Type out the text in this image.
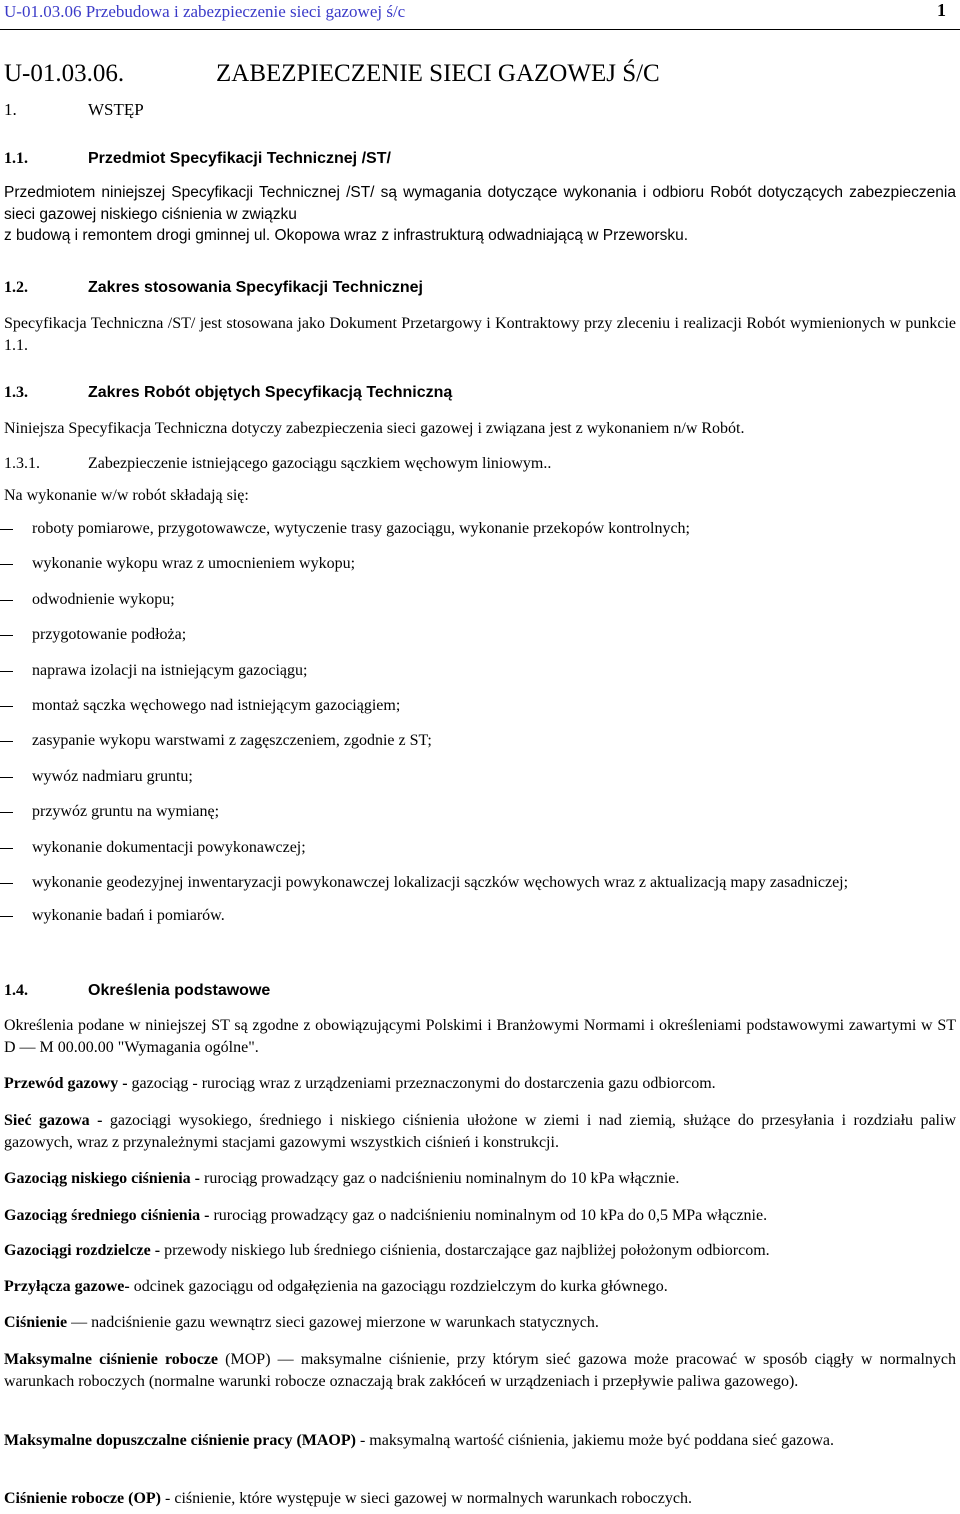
U-01.03.06 Przebudowa i zabezpieczenie sieci gazowej ś/c	1
U-01.03.06.	ZABEZPIECZENIE SIECI GAZOWEJ Ś/C
1.	WSTĘP
1.1.	Przedmiot Specyfikacji Technicznej /ST/

Przedmiotem niniejszej Specyfikacji Technicznej /ST/ są wymagania dotyczące wykonania i odbioru Robót dotyczących zabezpieczenia sieci gazowej niskiego ciśnienia w związku
z budową i remontem drogi gminnej ul. Okopowa wraz z infrastrukturą odwadniającą w Przeworsku.

1.2.	Zakres stosowania Specyfikacji Technicznej

Specyfikacja Techniczna /ST/ jest stosowana jako Dokument Przetargowy i Kontraktowy przy zleceniu i realizacji Robót wymienionych w punkcie 1.1.

1.3.	Zakres Robót objętych Specyfikacją Techniczną

Niniejsza Specyfikacja Techniczna dotyczy zabezpieczenia sieci gazowej i związana jest z wykonaniem n/w Robót.

1.3.1.	Zabezpieczenie istniejącego gazociągu sączkiem węchowym liniowym..

Na wykonanie w/w robót składają się:

roboty pomiarowe, przygotowawcze, wytyczenie trasy gazociągu, wykonanie przekopów kontrolnych;
wykonanie wykopu wraz z umocnieniem wykopu;
odwodnienie wykopu;
przygotowanie podłoża;
naprawa izolacji na istniejącym gazociągu;
montaż sączka węchowego nad istniejącym gazociągiem;
zasypanie wykopu warstwami z zagęszczeniem, zgodnie z ST;
wywóz nadmiaru gruntu;
przywóz gruntu na wymianę;
wykonanie dokumentacji powykonawczej;
wykonanie geodezyjnej inwentaryzacji powykonawczej lokalizacji sączków węchowych wraz z aktualizacją mapy zasadniczej;
wykonanie badań i pomiarów.
1.4.	Określenia podstawowe

Określenia podane w niniejszej ST są zgodne z obowiązującymi Polskimi i Branżowymi Normami i określeniami podstawowymi zawartymi w ST D — M 00.00.00 "Wymagania ogólne".

Przewód gazowy - gazociąg - rurociąg wraz z urządzeniami przeznaczonymi do dostarczenia gazu odbiorcom.

Sieć gazowa - gazociągi wysokiego, średniego i niskiego ciśnienia ułożone w ziemi i nad ziemią, służące do przesyłania i rozdziału paliw gazowych, wraz z przynależnymi stacjami gazowymi wszystkich ciśnień i konstrukcji.

Gazociąg niskiego ciśnienia - rurociąg prowadzący gaz o nadciśnieniu nominalnym do 10 kPa włącznie.

Gazociąg średniego ciśnienia - rurociąg prowadzący gaz o nadciśnieniu nominalnym od 10 kPa do 0,5 MPa włącznie.

Gazociągi rozdzielcze - przewody niskiego lub średniego ciśnienia, dostarczające gaz najbliżej położonym odbiorcom.

Przyłącza gazowe- odcinek gazociągu od odgałęzienia na gazociągu rozdzielczym do kurka głównego.

Ciśnienie — nadciśnienie gazu wewnątrz sieci gazowej mierzone w warunkach statycznych.

Maksymalne ciśnienie robocze (MOP) — maksymalne ciśnienie, przy którym sieć gazowa może pracować w sposób ciągły w normalnych warunkach roboczych (normalne warunki robocze oznaczają brak zakłóceń w urządzeniach i przepływie paliwa gazowego).

Maksymalne dopuszczalne ciśnienie pracy (MAOP) - maksymalną wartość ciśnienia, jakiemu może być poddana sieć gazowa.

Ciśnienie robocze (OP) - ciśnienie, które występuje w sieci gazowej w normalnych warunkach roboczych.
